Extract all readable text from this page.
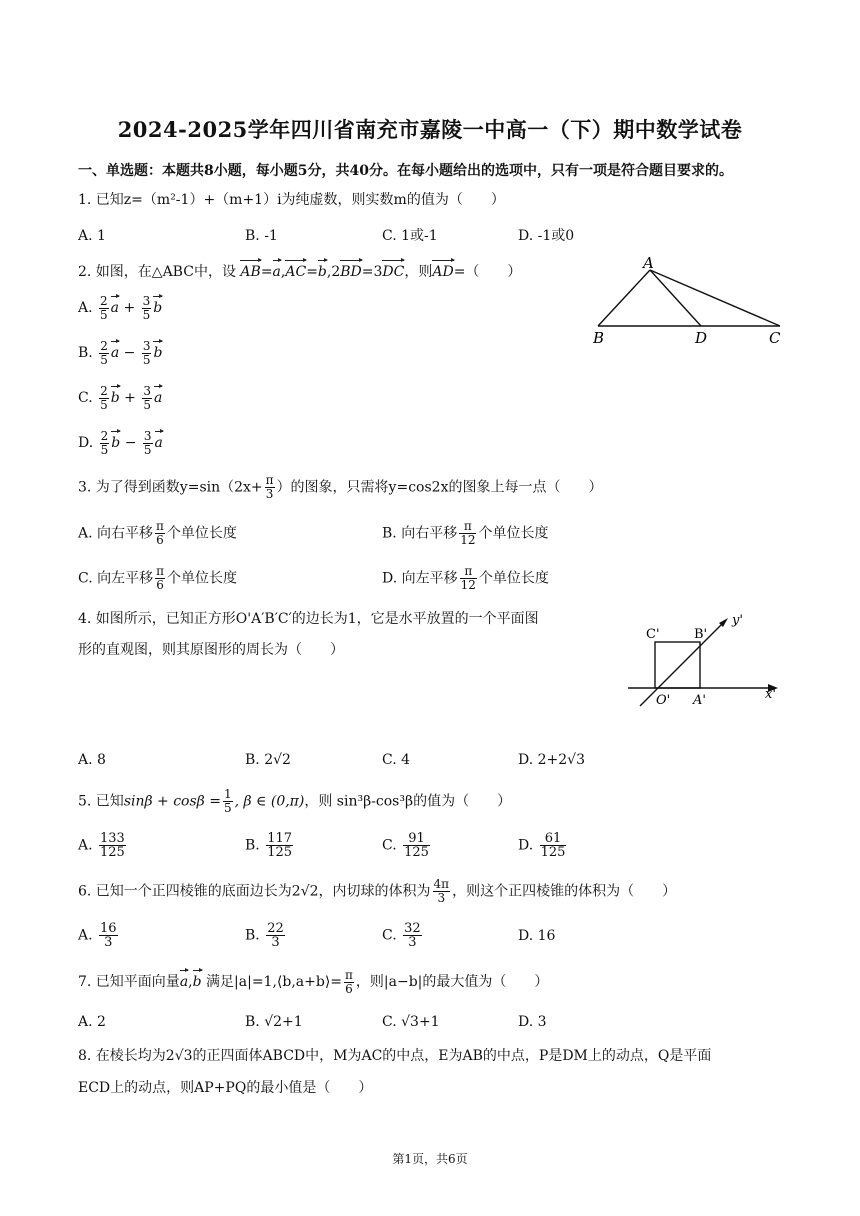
2024-2025学年四川省南充市嘉陵一中高一（下）期中数学试卷
一、单选题：本题共8小题，每小题5分，共40分。在每小题给出的选项中，只有一项是符合题目要求的。
1. 已知z=（m²-1）+（m+1）i为纯虚数，则实数m的值为（　　）
A. 1	B. -1	C. 1或-1	D. -1或0
2. 如图，在△ABC中，设 AB=a,AC=b,2BD=3DC，则AD=（　　）
A. $\frac{2}{5}$ $a + \frac{3}{5}$ b
B. $\frac{2}{5}$ $a - \frac{3}{5}$ b
C. $\frac{2}{5}$ $b + \frac{3}{5}$ a
D. $\frac{2}{5}$ $b - \frac{3}{5}$ a
A
B	D	C
3. 为了得到函数$y=\sin(2x+ \frac{\pi}{3}$ ）的图象，只需将y=cos2x的图象上每一点（　　）
A. 向右平移 $\frac{\pi}{6}$ 个单位长度	B. 向右平移 $\frac{\pi}{12}$ 个单位长度
C. 向左平移 $\frac{\pi}{6}$ 个单位长度	D. 向左平移 $\frac{\pi}{12}$ 个单位长度
4. 如图所示，已知正方形O'A′B′C′的边长为1，它是水平放置的一个平面图
形的直观图，则其原图形的周长为（　　）
C'	B'
y'
O' A'	x'
A. 8	B. 2√2	C. 4	D. 2+2√3
5. 已知$\sin\beta + \cos\beta = \frac{1}{5}$ , β ∈ (0,π)，则 sin³β-cos³β的值为（　　）
A. $\frac{133}{125}$	B. $\frac{117}{125}$	C. $\frac{91}{125}$	D. $\frac{61}{125}$
6. 已知一个正四棱锥的底面边长为2√2，内切球的体积为 $\frac{4\pi}{3}$ ，则这个正四棱锥的体积为（　　）
A. $\frac{16}{3}$	B. $\frac{22}{3}$	C. $\frac{32}{3}$	D. 16
7. 已知平面向量a,b 满足|a|=1,⟨b,a+b⟩= $\frac{\pi}{6}$ ，则|a−b|的最大值为（　　）
A. 2	B. √2+1	C. √3+1	D. 3
8. 在棱长均为2√3的正四面体ABCD中，M为AC的中点，E为AB的中点，P是DM上的动点，Q是平面
ECD上的动点，则AP+PQ的最小值是（　　）
第1页，共6页
